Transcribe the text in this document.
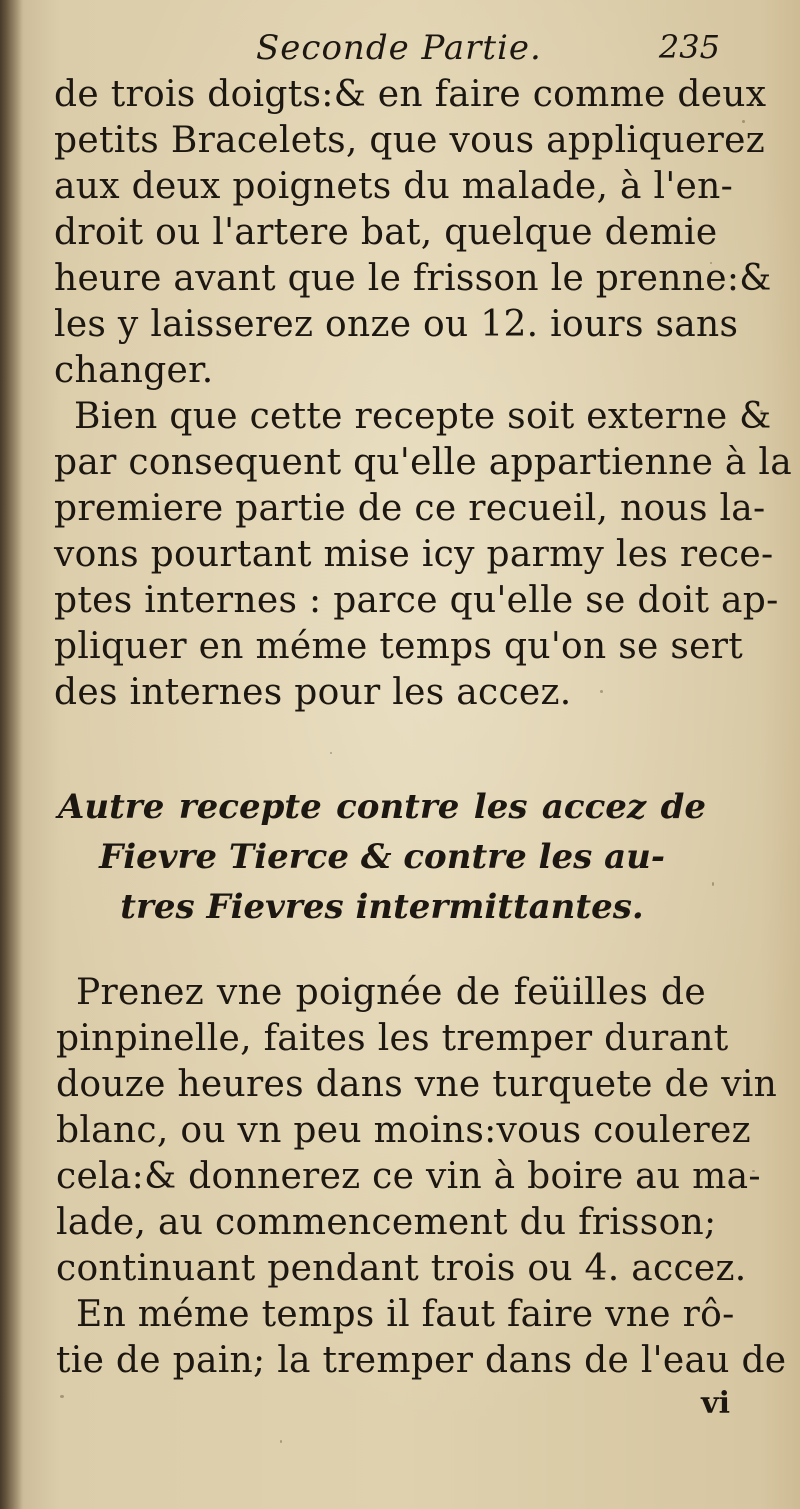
Seconde Partie.	235
de trois doigts:& en faire comme deux
petits Bracelets, que vous appliquerez
aux deux poignets du malade, à l'en-
droit ou l'artere bat, quelque demie
heure avant que le frisson le prenne:&
les y laisserez onze ou 12. iours sans
changer.
Bien que cette recepte soit externe &
par consequent qu'elle appartienne à la
premiere partie de ce recueil, nous la-
vons pourtant mise icy parmy les rece-
ptes internes : parce qu'elle se doit ap-
pliquer en méme temps qu'on se sert
des internes pour les accez.
Autre recepte contre les accez de
Fievre Tierce & contre les au-
tres Fievres intermittantes.
Prenez vne poignée de feüilles de
pinpinelle, faites les tremper durant
douze heures dans vne turquete de vin
blanc, ou vn peu moins:vous coulerez
cela:& donnerez ce vin à boire au ma-
lade, au commencement du frisson;
continuant pendant trois ou 4. accez.
En méme temps il faut faire vne rô-
tie de pain; la tremper dans de l'eau de
vi
